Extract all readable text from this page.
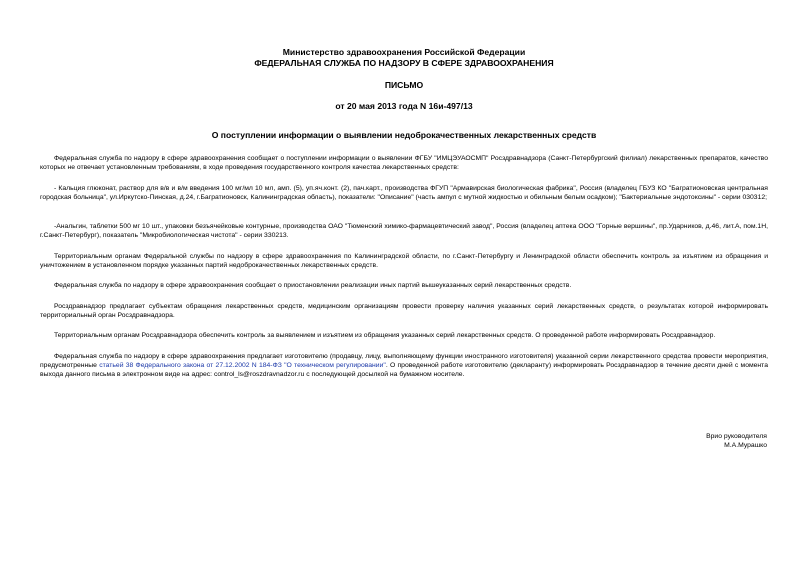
Министерство здравоохранения Российской Федерации
ФЕДЕРАЛЬНАЯ СЛУЖБА ПО НАДЗОРУ В СФЕРЕ ЗДРАВООХРАНЕНИЯ
ПИСЬМО
от 20 мая 2013 года N 16и-497/13
О поступлении информации о выявлении недоброкачественных лекарственных средств

Федеральная служба по надзору в сфере здравоохранения сообщает о поступлении информации о выявлении ФГБУ "ИМЦЭУАОСМП" Росздравнадзора (Санкт-Петербургский филиал) лекарственных препаратов, качество которых не отвечает установленным требованиям, в ходе проведения государственного контроля качества лекарственных средств:

- Кальция глюконат, раствор для в/в и в/м введения 100 мг/мл 10 мл, амп. (5), уп.яч.конт. (2), пач.карт., производства ФГУП "Армавирская биологическая фабрика", Россия (владелец ГБУЗ КО "Багратионовская центральная городская больница", ул.Иркутско-Пинская, д.24, г.Багратионовск, Калининградская область), показатели: "Описание" (часть ампул с мутной жидкостью и обильным белым осадком); "Бактериальные эндотоксины" - серии 030312;

-Анальгин, таблетки 500 мг 10 шт., упаковки безъячейковые контурные, производства ОАО "Тюменский химико-фармацевтический завод", Россия (владелец аптека ООО "Горные вершины", пр.Ударников, д.46, лит.А, пом.1Н, г.Санкт-Петербург), показатель "Микробиологическая чистота" - серии 330213.

Территориальным органам Федеральной службы по надзору в сфере здравоохранения по Калининградской области, по г.Санкт-Петербургу и Ленинградской области обеспечить контроль за изъятием из обращения и уничтожением в установленном порядке указанных партий недоброкачественных лекарственных средств.

Федеральная служба по надзору в сфере здравоохранения сообщает о приостановлении реализации иных партий вышеуказанных серий лекарственных средств.

Росздравнадзор предлагает субъектам обращения лекарственных средств, медицинским организациям провести проверку наличия указанных серий лекарственных средств, о результатах которой информировать территориальный орган Росздравнадзора.

Территориальным органам Росздравнадзора обеспечить контроль за выявлением и изъятием из обращения указанных серий лекарственных средств. О проведенной работе информировать Росздравнадзор.

Федеральная служба по надзору в сфере здравоохранения предлагает изготовителю (продавцу, лицу, выполняющему функции иностранного изготовителя) указанной серии лекарственного средства провести мероприятия, предусмотренные статьей 38 Федерального закона от 27.12.2002 N 184-ФЗ "О техническом регулировании". О проведенной работе изготовителю (декларанту) информировать Росздравнадзор в течение десяти дней с момента выхода данного письма в электронном виде на адрес: control_ls@roszdravnadzor.ru с последующей досылкой на бумажном носителе.

Врио руководителя
М.А.Мурашко
